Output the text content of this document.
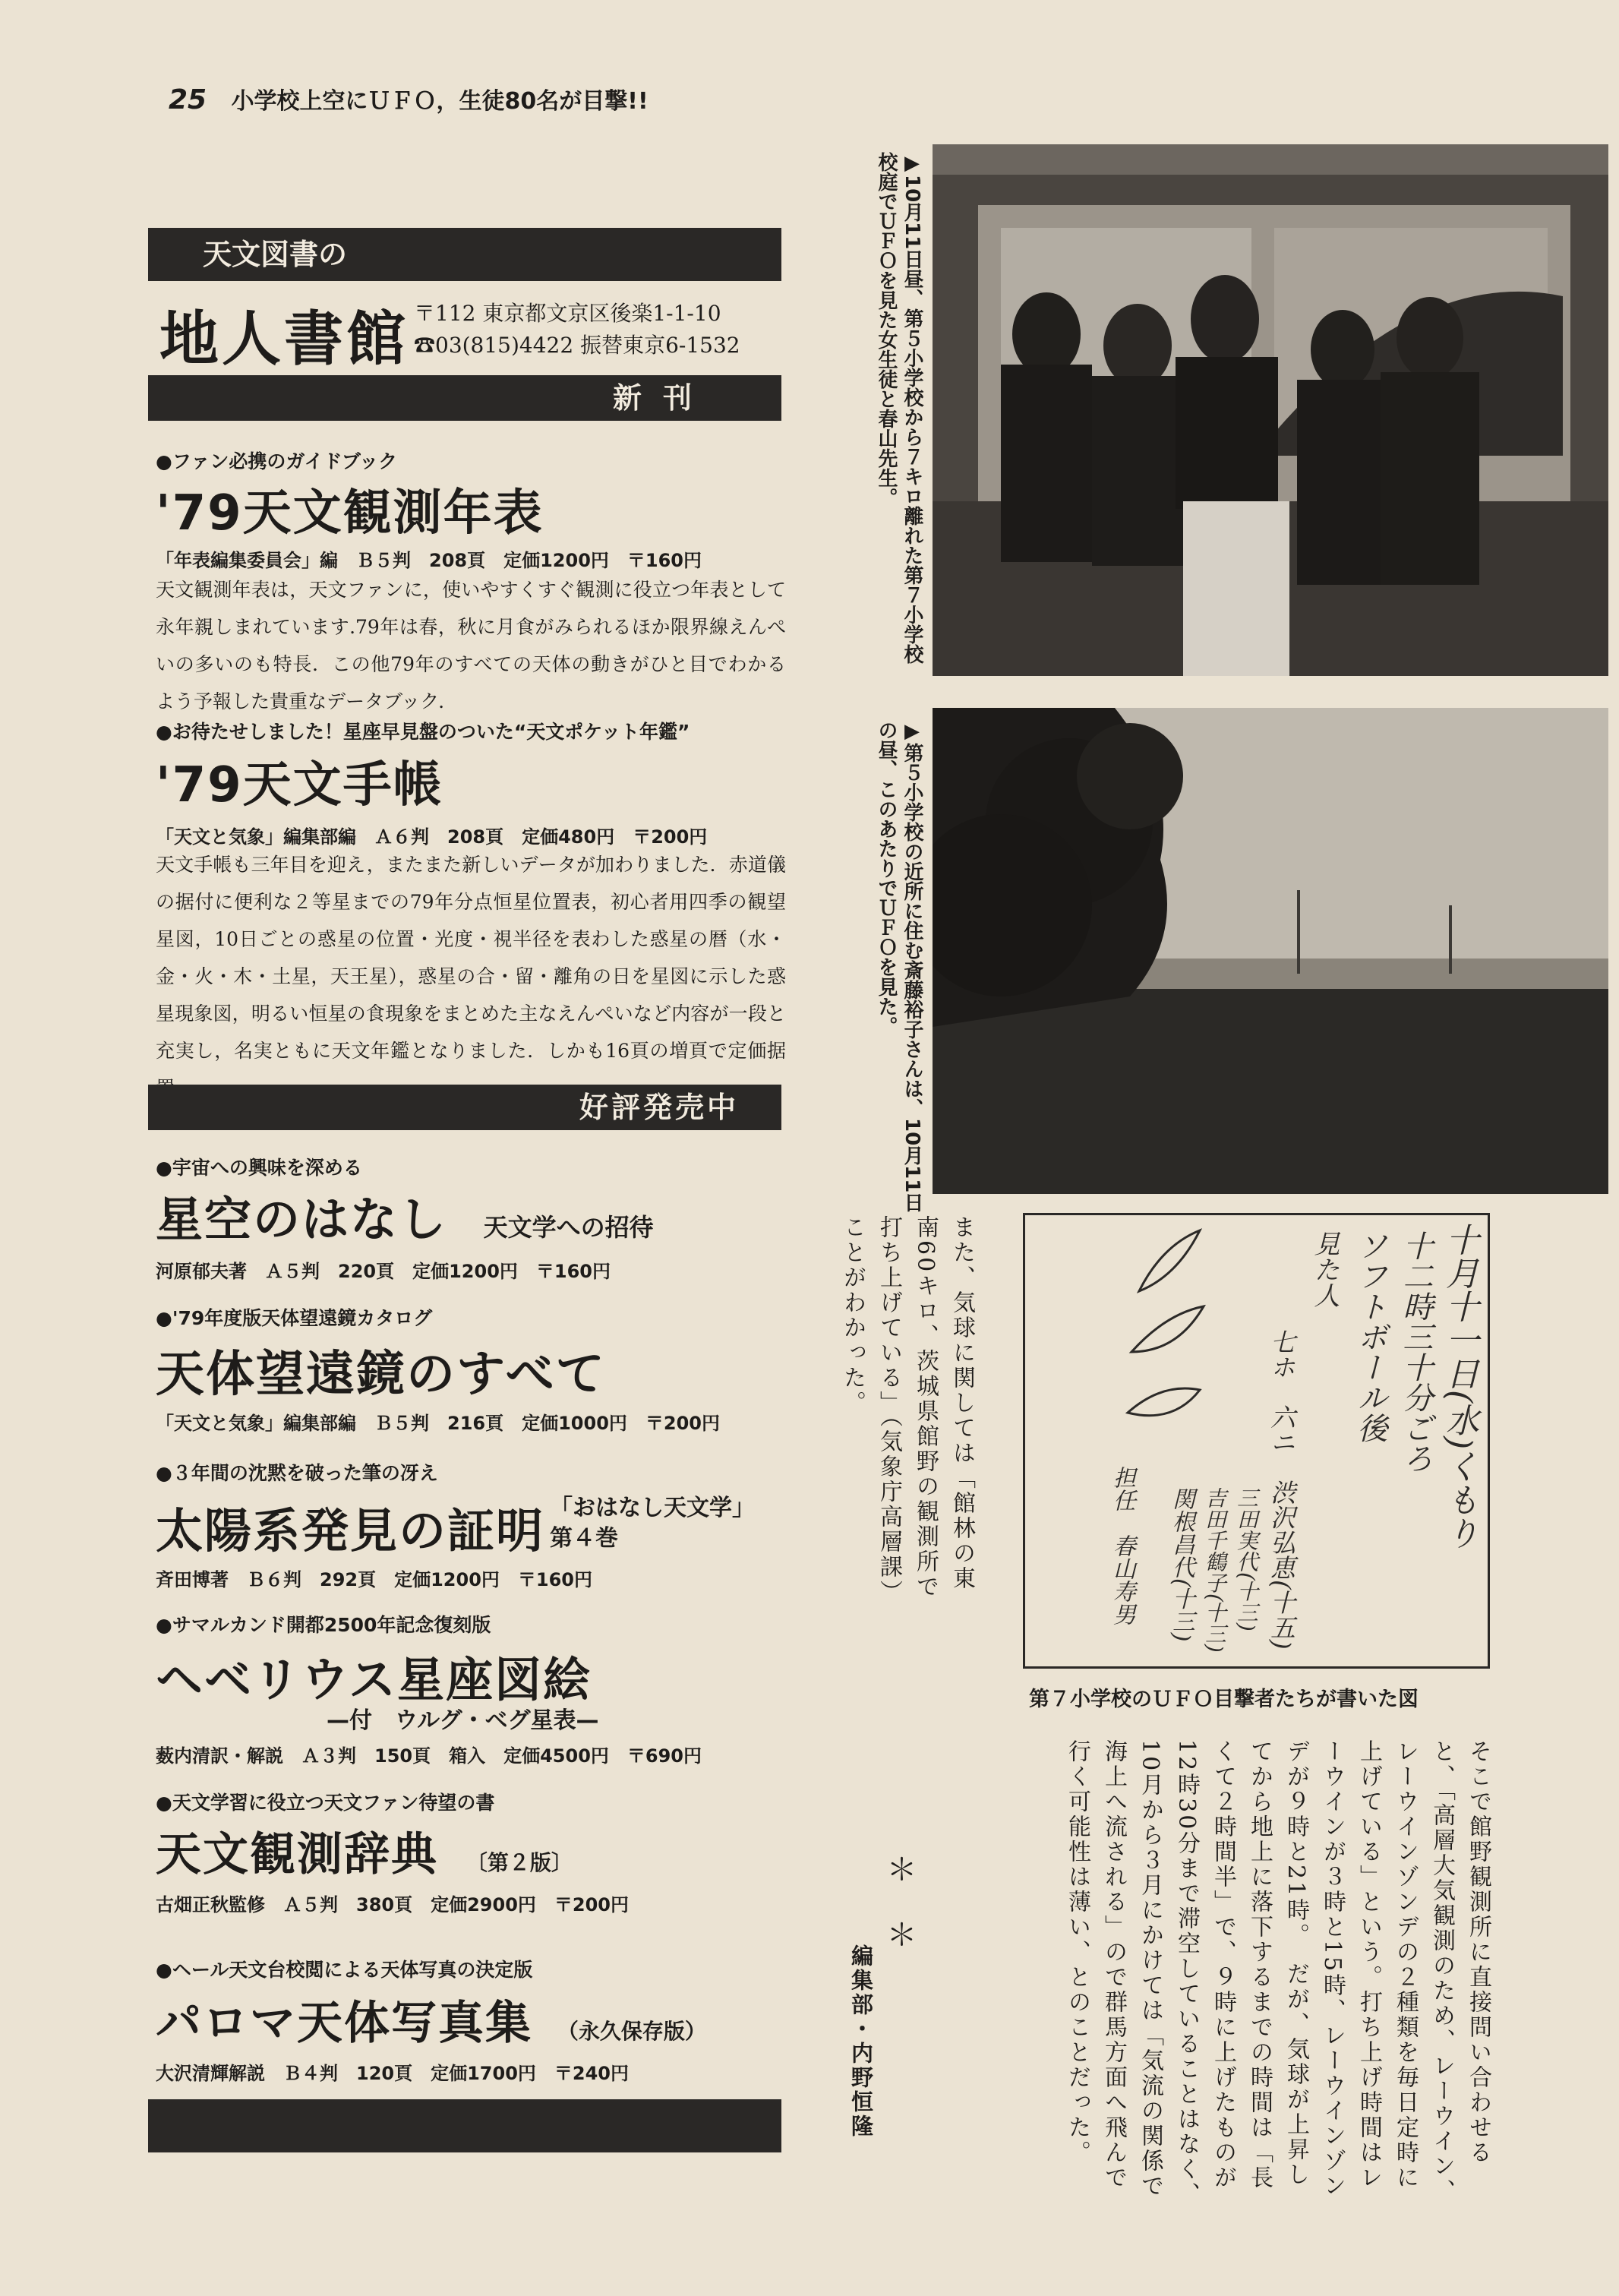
25 小学校上空にＵＦＯ，生徒80名が目撃!!
天文図書の
地人書館 〒112 東京都文京区後楽1-1-10
☎03(815)4422 振替東京6-1532
新刊
●ファン必携のガイドブック
'79天文観測年表
「年表編集委員会」編　Ｂ５判　208頁　定価1200円　〒160円
天文観測年表は，天文ファンに，使いやすくすぐ観測に役立つ年表として永年親しまれています.79年は春，秋に月食がみられるほか限界線えんぺいの多いのも特長．この他79年のすべての天体の動きがひと目でわかるよう予報した貴重なデータブック．
●お待たせしました！星座早見盤のついた“天文ポケット年鑑”
'79天文手帳
「天文と気象」編集部編　Ａ６判　208頁　定価480円　〒200円
天文手帳も三年目を迎え，またまた新しいデータが加わりました．赤道儀の据付に便利な２等星までの79年分点恒星位置表，初心者用四季の観望星図，10日ごとの惑星の位置・光度・視半径を表わした惑星の暦（水・金・火・木・土星，天王星），惑星の合・留・離角の日を星図に示した惑星現象図，明るい恒星の食現象をまとめた主なえんぺいなど内容が一段と充実し，名実ともに天文年鑑となりました．しかも16頁の増頁で定価据
好評発売中
●宇宙への興味を深める
星空のはなし 天文学への招待
河原郁夫著　Ａ５判　220頁　定価1200円　〒160円
●'79年度版天体望遠鏡カタログ
天体望遠鏡のすべて
「天文と気象」編集部編　Ｂ５判　216頁　定価1000円　〒200円
●３年間の沈黙を破った筆の冴え
太陽系発見の証明 「おはなし天文学」第４巻
斉田博著　Ｂ６判　292頁　定価1200円　〒160円
●サマルカンド開都2500年記念復刻版
ヘベリウス星座図絵
—付　ウルグ・ベグ星表—
薮内清訳・解説　Ａ３判　150頁　箱入　定価4500円　〒690円
●天文学習に役立つ天文ファン待望の書
天文観測辞典 〔第２版〕
古畑正秋監修　Ａ５判　380頁　定価2900円　〒200円
●ヘール天文台校閲による天体写真の決定版
パロマ天体写真集 （永久保存版）
大沢清輝解説　Ｂ４判　120頁　定価1700円　〒240円
▶10月11日昼、第５小学校から７キロ離れた第７小学校校庭でＵＦＯを見た女生徒と春山先生。
▶第５小学校の近所に住む斎藤裕子さんは、10月11日の昼、このあたりでＵＦＯを見た。
また、気球に関しては「館林の東南60キロ、茨城県館野の観測所で打ち上げている」（気象庁高層課）ことがわかった。	十月十一日(水)くもり
十二時三十分ごろ
ソフトボール後
見た人
七ホ　六ニ　渋沢弘恵(十五)
三田実代(十三)
吉田千鶴子(十三)
関根昌代(十三)
担任　春山寿男
第７小学校のＵＦＯ目撃者たちが書いた図
そこで館野観測所に直接問い合わせると、「高層大気観測のため、レーウイン、レーウインゾンデの２種類を毎日定時に上げている」という。打ち上げ時間はレーウインが３時と15時、レーウインゾンデが９時と21時。　だが、気球が上昇してから地上に落下するまでの時間は「長くて２時間半」で、９時に上げたものが12時30分まで滞空していることはなく、10月から３月にかけては「気流の関係で海上へ流される」ので群馬方面へ飛んで行く可能性は薄い、とのことだった。
＊　＊
編集部・内野恒隆
